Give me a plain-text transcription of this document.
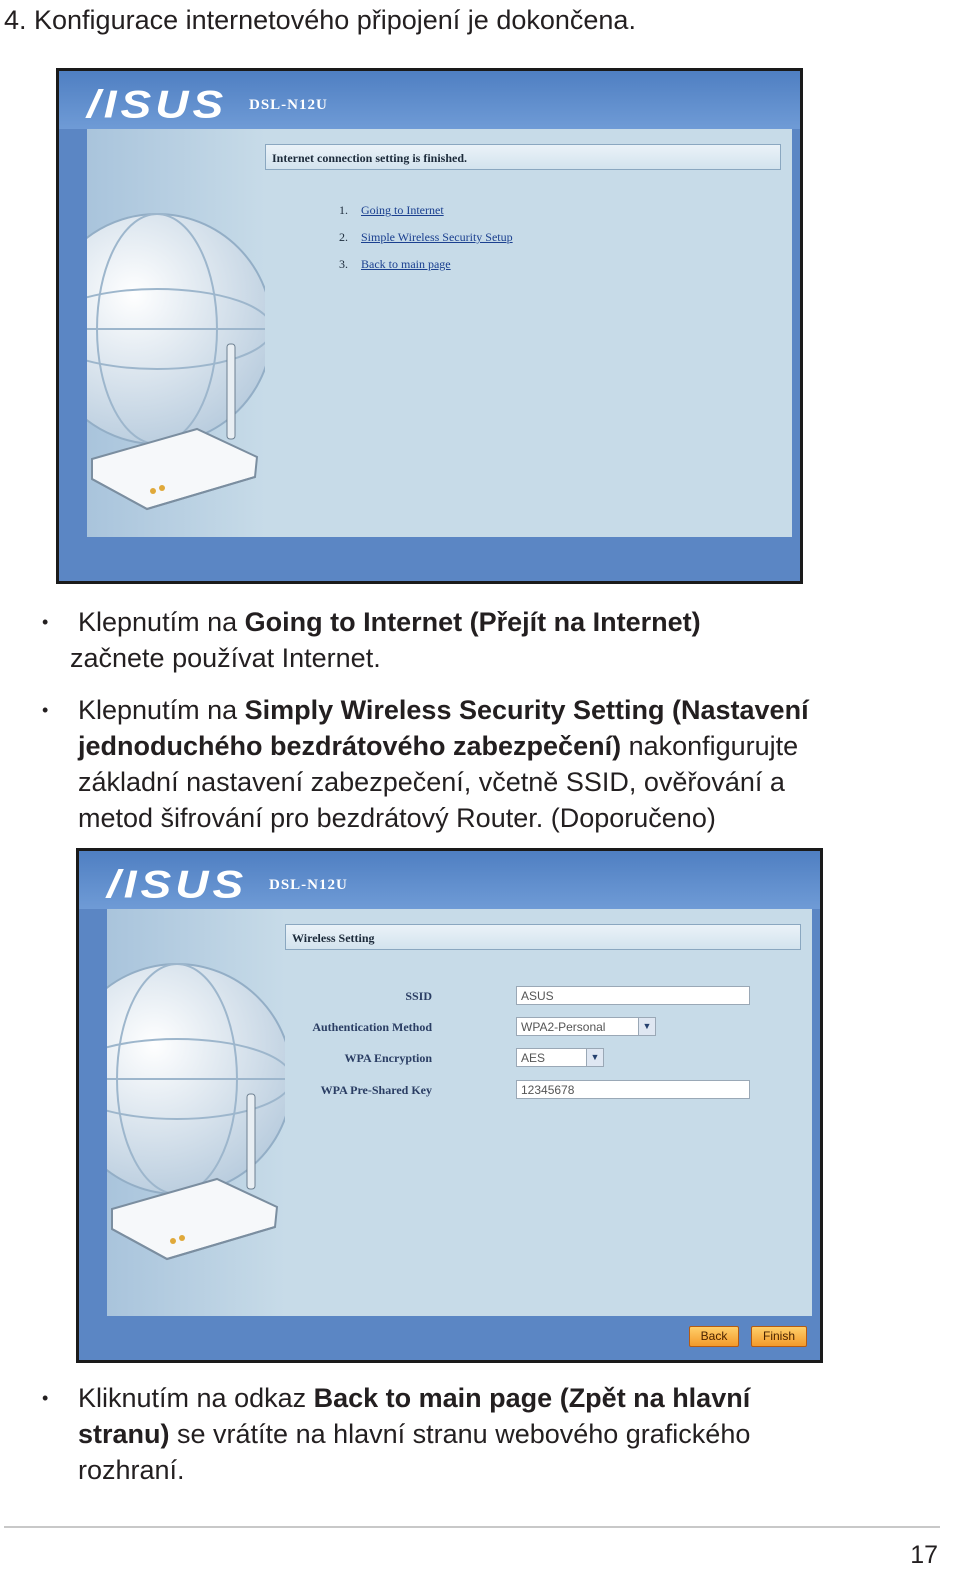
4. Konfigurace internetového připojení je dokončena.
/ISUS DSL-N12U
Internet connection setting is finished.
1. Going to Internet
2. Simple Wireless Security Setup
3. Back to main page
• Klepnutím na Going to Internet (Přejít na Internet)
začnete používat Internet.
• Klepnutím na Simply Wireless Security Setting (Nastavení
jednoduchého bezdrátového zabezpečení) nakonfigurujte
základní nastavení zabezpečení, včetně SSID, ověřování a
metod šifrování pro bezdrátový Router. (Doporučeno)
/ISUS DSL-N12U
Wireless Setting
SSID	ASUS
Authentication Method	WPA2-Personal	▼
WPA Encryption	AES	▼
WPA Pre-Shared Key	12345678
Back	Finish
• Kliknutím na odkaz Back to main page (Zpět na hlavní
stranu) se vrátíte na hlavní stranu webového grafického
rozhraní.
17
